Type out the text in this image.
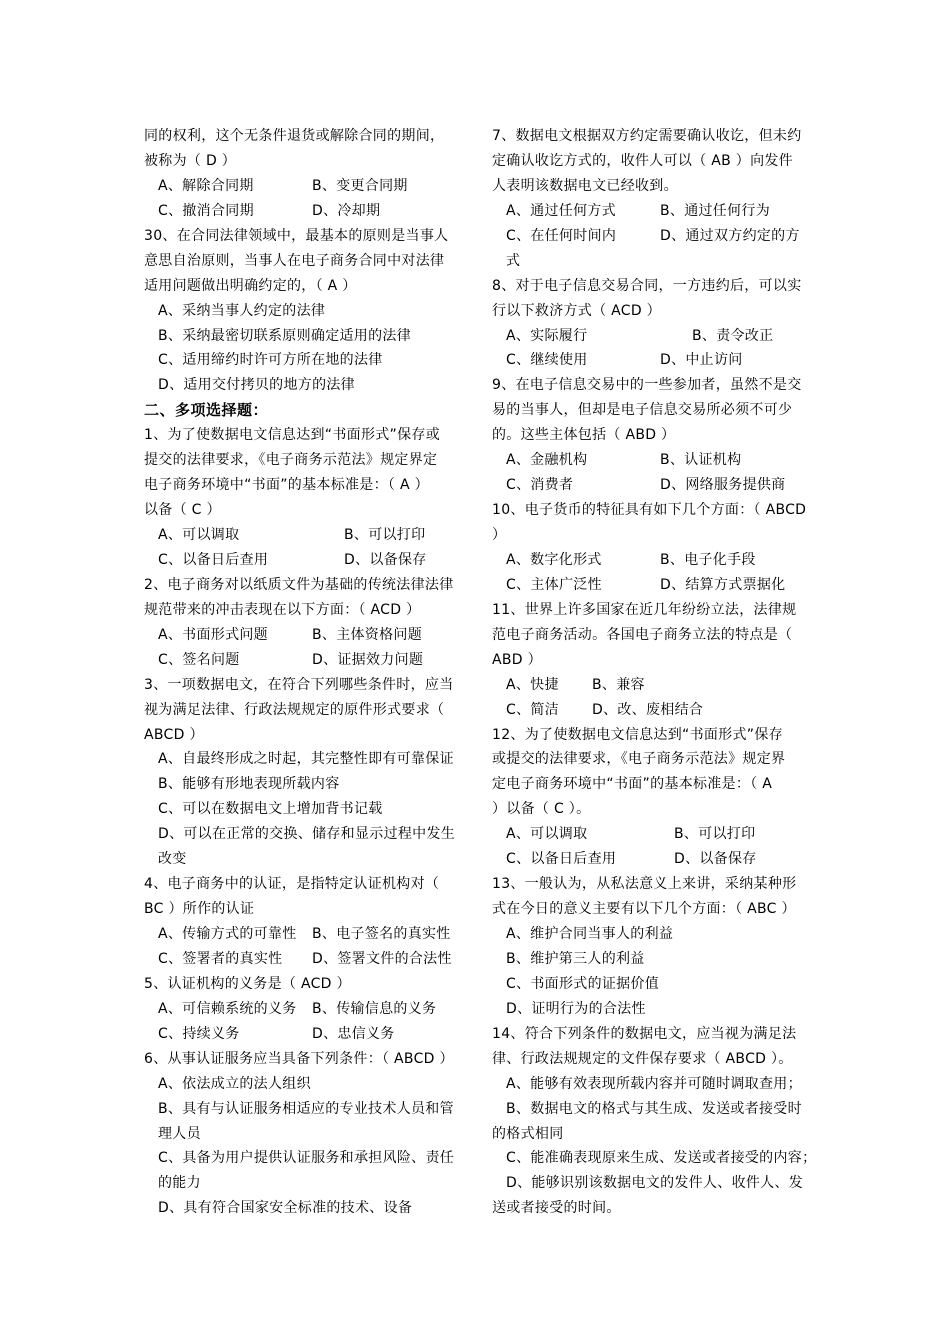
同的权利，这个无条件退货或解除合同的期间，
被称为（ D ）
A、解除合同期	B、变更合同期
C、撤消合同期	D、冷却期
30、在合同法律领域中，最基本的原则是当事人
意思自治原则，当事人在电子商务合同中对法律
适用问题做出明确约定的，（ A ）
A、采纳当事人约定的法律
B、采纳最密切联系原则确定适用的法律
C、适用缔约时许可方所在地的法律
D、适用交付拷贝的地方的法律
二、多项选择题：
1、为了使数据电文信息达到“书面形式”保存或
提交的法律要求，《电子商务示范法》规定界定
电子商务环境中“书面”的基本标准是：（ A ）
以备（ C ）
A、可以调取	B、可以打印
C、以备日后查用	D、以备保存
2、电子商务对以纸质文件为基础的传统法律法律
规范带来的冲击表现在以下方面：（ ACD ）
A、书面形式问题	B、主体资格问题
C、签名问题	D、证据效力问题
3、一项数据电文，在符合下列哪些条件时，应当
视为满足法律、行政法规规定的原件形式要求（
ABCD ）
A、自最终形成之时起，其完整性即有可靠保证
B、能够有形地表现所载内容
C、可以在数据电文上增加背书记载
D、可以在正常的交换、储存和显示过程中发生
改变
4、电子商务中的认证，是指特定认证机构对（
BC ）所作的认证
A、传输方式的可靠性	B、电子签名的真实性
C、签署者的真实性	D、签署文件的合法性
5、认证机构的义务是（ ACD ）
A、可信赖系统的义务	B、传输信息的义务
C、持续义务	D、忠信义务
6、从事认证服务应当具备下列条件：（ ABCD ）
A、依法成立的法人组织
B、具有与认证服务相适应的专业技术人员和管
理人员
C、具备为用户提供认证服务和承担风险、责任
的能力
D、具有符合国家安全标准的技术、设备
7、数据电文根据双方约定需要确认收讫，但未约
定确认收讫方式的，收件人可以（ AB ）向发件
人表明该数据电文已经收到。
A、通过任何方式	B、通过任何行为
C、在任何时间内	D、通过双方约定的方
式
8、对于电子信息交易合同，一方违约后，可以实
行以下救济方式（ ACD ）
A、实际履行	B、责令改正
C、继续使用	D、中止访问
9、在电子信息交易中的一些参加者，虽然不是交
易的当事人，但却是电子信息交易所必须不可少
的。这些主体包括（ ABD ）
A、金融机构	B、认证机构
C、消费者	D、网络服务提供商
10、电子货币的特征具有如下几个方面：（ ABCD
）
A、数字化形式	B、电子化手段
C、主体广泛性	D、结算方式票据化
11、世界上许多国家在近几年纷纷立法，法律规
范电子商务活动。各国电子商务立法的特点是（
ABD ）
A、快捷	B、兼容
C、简洁	D、改、废相结合
12、为了使数据电文信息达到“书面形式”保存
或提交的法律要求，《电子商务示范法》规定界
定电子商务环境中“书面”的基本标准是：（ A
）以备（ C ）。
A、可以调取	B、可以打印
C、以备日后查用	D、以备保存
13、一般认为，从私法意义上来讲，采纳某种形
式在今日的意义主要有以下几个方面：（ ABC ）
A、维护合同当事人的利益
B、维护第三人的利益
C、书面形式的证据价值
D、证明行为的合法性
14、符合下列条件的数据电文，应当视为满足法
律、行政法规规定的文件保存要求（ ABCD ）。
A、能够有效表现所载内容并可随时调取查用；
B、数据电文的格式与其生成、发送或者接受时
的格式相同
C、能准确表现原来生成、发送或者接受的内容；
D、能够识别该数据电文的发件人、收件人、发
送或者接受的时间。
